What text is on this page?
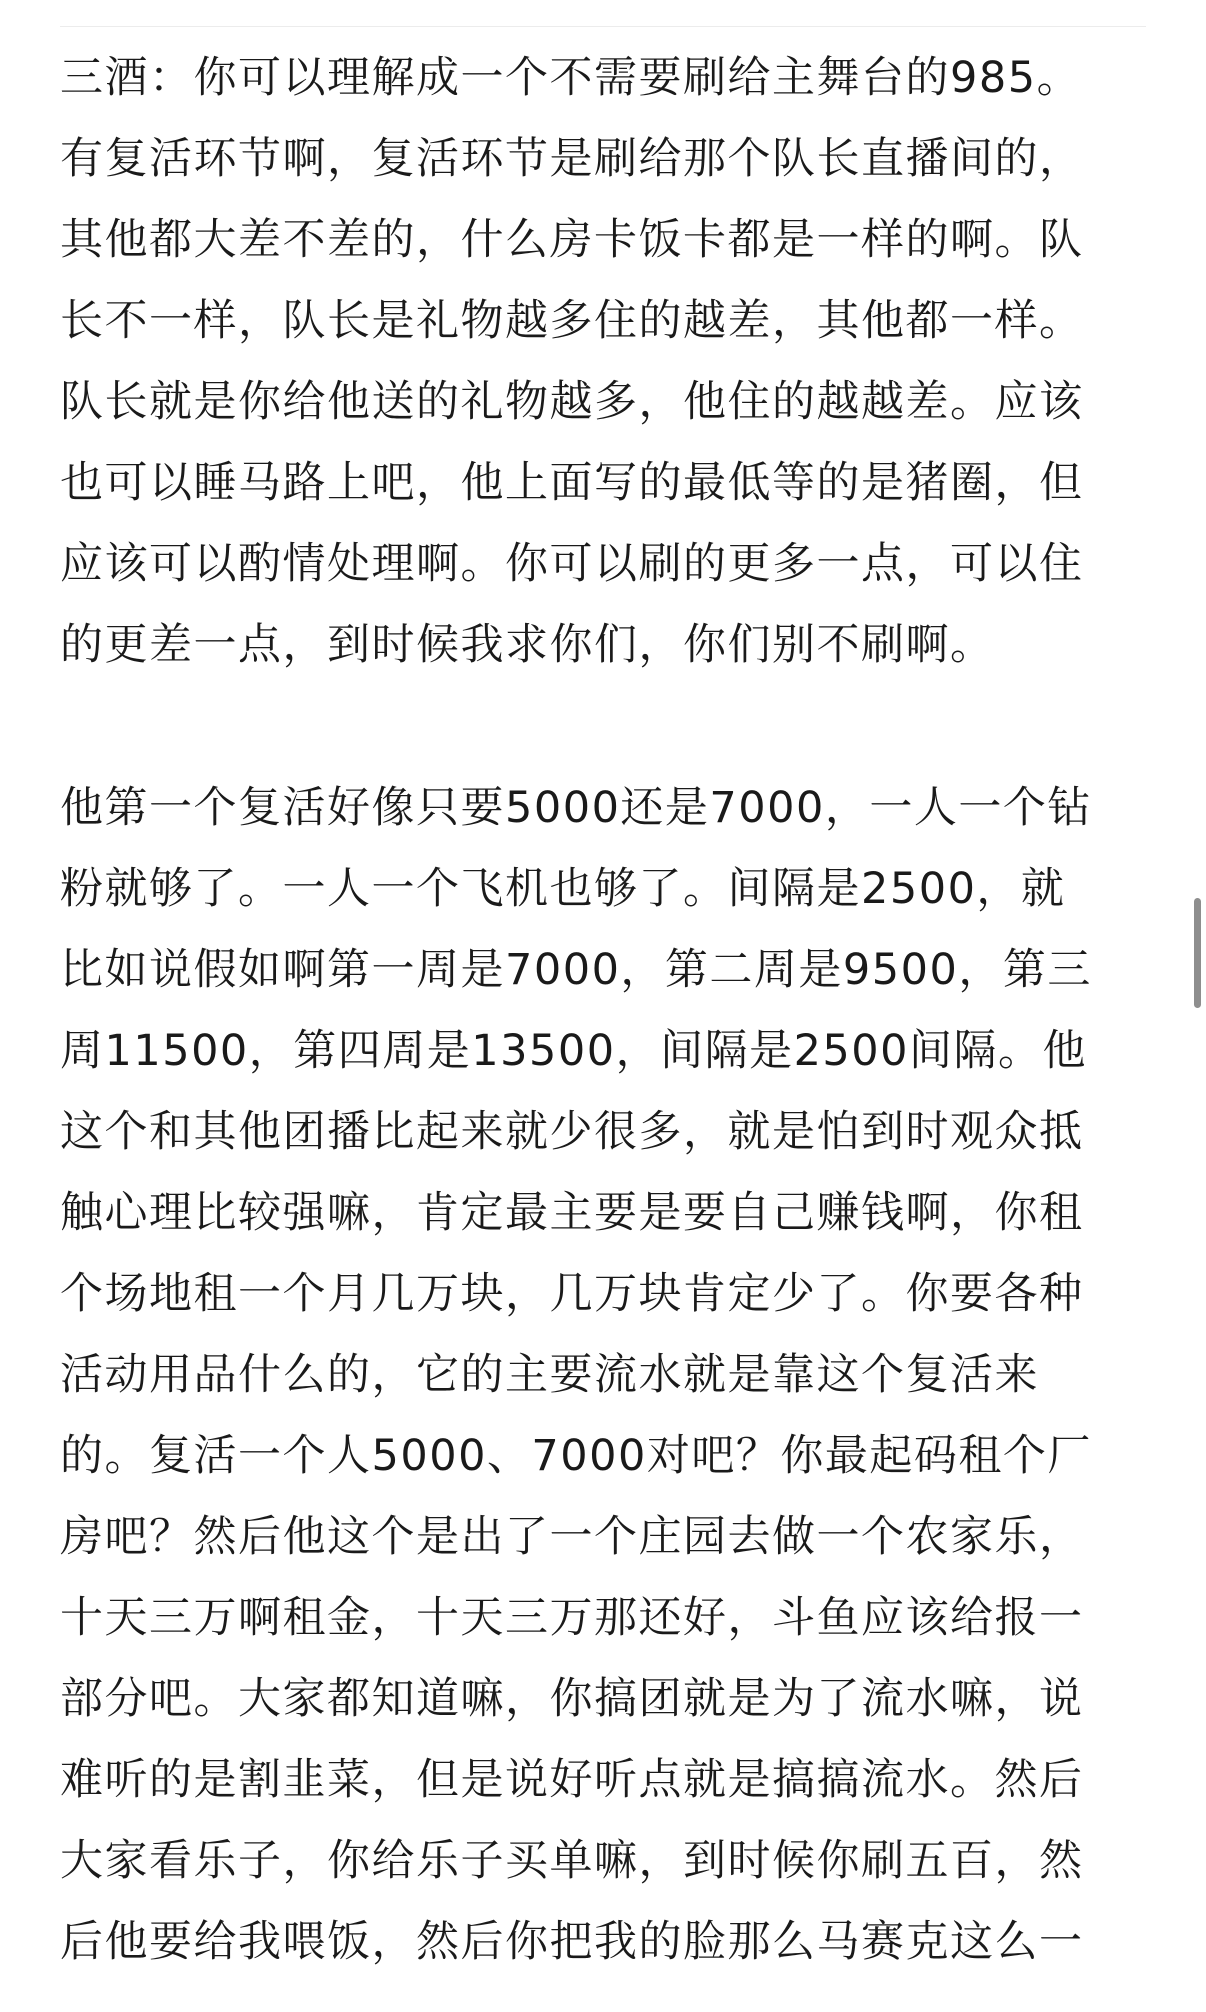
三酒：你可以理解成一个不需要刷给主舞台的985。
有复活环节啊，复活环节是刷给那个队长直播间的，
其他都大差不差的，什么房卡饭卡都是一样的啊。队
长不一样，队长是礼物越多住的越差，其他都一样。
队长就是你给他送的礼物越多，他住的越越差。应该
也可以睡马路上吧，他上面写的最低等的是猪圈，但
应该可以酌情处理啊。你可以刷的更多一点，可以住
的更差一点，到时候我求你们，你们别不刷啊。
他第一个复活好像只要5000还是7000，一人一个钻
粉就够了。一人一个飞机也够了。间隔是2500，就
比如说假如啊第一周是7000，第二周是9500，第三
周11500，第四周是13500，间隔是2500间隔。他
这个和其他团播比起来就少很多，就是怕到时观众抵
触心理比较强嘛，肯定最主要是要自己赚钱啊，你租
个场地租一个月几万块，几万块肯定少了。你要各种
活动用品什么的，它的主要流水就是靠这个复活来
的。复活一个人5000、7000对吧？你最起码租个厂
房吧？然后他这个是出了一个庄园去做一个农家乐，
十天三万啊租金，十天三万那还好，斗鱼应该给报一
部分吧。大家都知道嘛，你搞团就是为了流水嘛，说
难听的是割韭菜，但是说好听点就是搞搞流水。然后
大家看乐子，你给乐子买单嘛，到时候你刷五百，然
后他要给我喂饭，然后你把我的脸那么马赛克这么一
